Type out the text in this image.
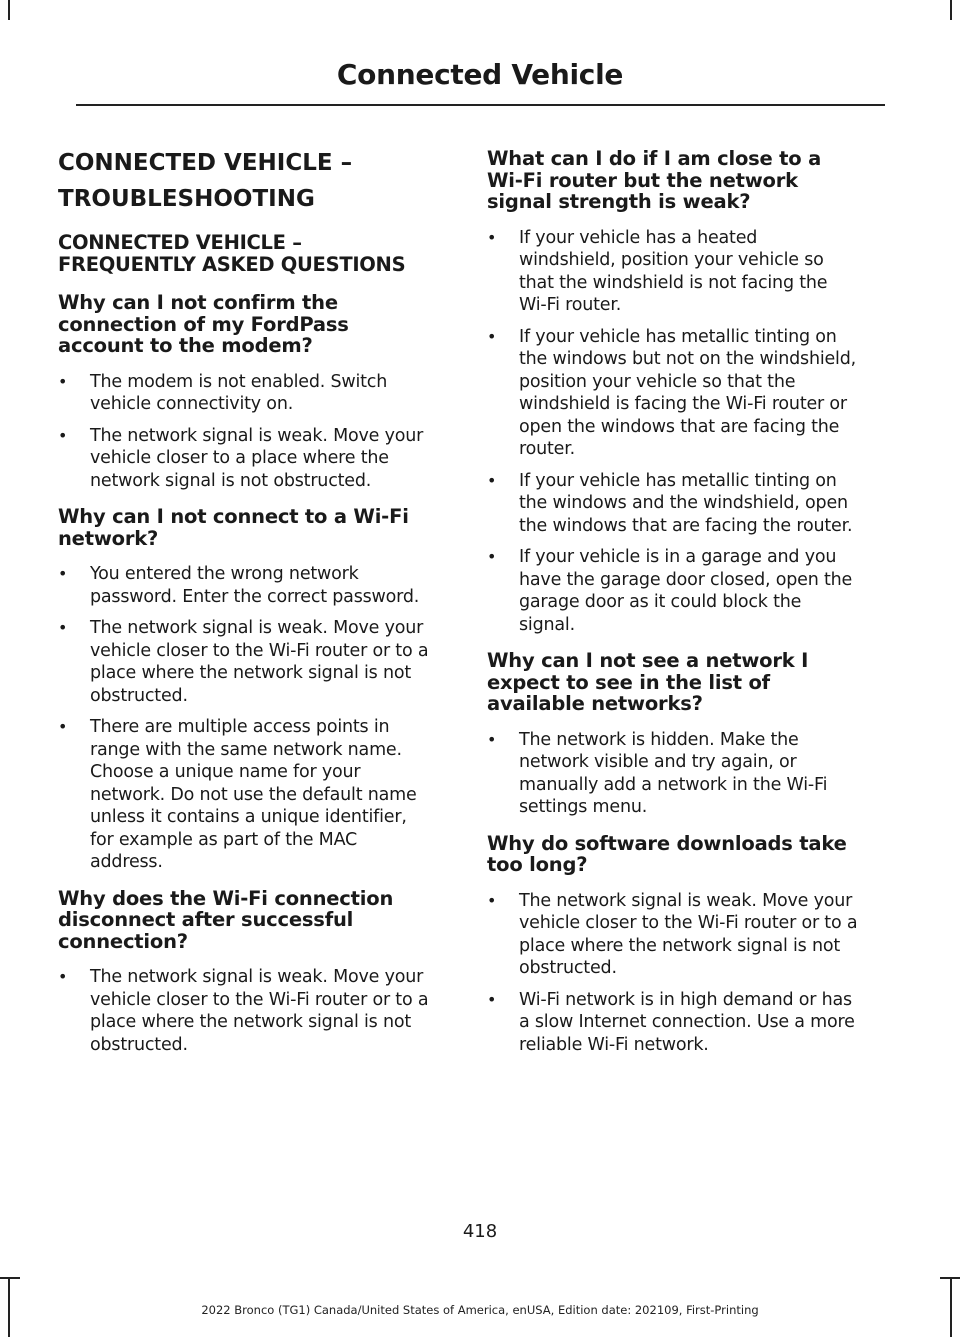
Connected Vehicle
CONNECTED VEHICLE –
TROUBLESHOOTING
CONNECTED VEHICLE – FREQUENTLY ASKED QUESTIONS
Why can I not confirm the connection of my FordPass account to the modem?
• The modem is not enabled. Switch vehicle connectivity on.
• The network signal is weak. Move your vehicle closer to a place where the network signal is not obstructed.
Why can I not connect to a Wi-Fi network?
• You entered the wrong network password. Enter the correct password.
• The network signal is weak. Move your vehicle closer to the Wi-Fi router or to a place where the network signal is not obstructed.
• There are multiple access points in range with the same network name. Choose a unique name for your network. Do not use the default name unless it contains a unique identifier, for example as part of the MAC address.
Why does the Wi-Fi connection disconnect after successful connection?
• The network signal is weak. Move your vehicle closer to the Wi-Fi router or to a place where the network signal is not obstructed.
What can I do if I am close to a Wi-Fi router but the network signal strength is weak?
• If your vehicle has a heated windshield, position your vehicle so that the windshield is not facing the Wi-Fi router.
• If your vehicle has metallic tinting on the windows but not on the windshield, position your vehicle so that the windshield is facing the Wi-Fi router or open the windows that are facing the router.
• If your vehicle has metallic tinting on the windows and the windshield, open the windows that are facing the router.
• If your vehicle is in a garage and you have the garage door closed, open the garage door as it could block the signal.
Why can I not see a network I expect to see in the list of available networks?
• The network is hidden. Make the network visible and try again, or manually add a network in the Wi-Fi settings menu.
Why do software downloads take too long?
• The network signal is weak. Move your vehicle closer to the Wi-Fi router or to a place where the network signal is not obstructed.
• Wi-Fi network is in high demand or has a slow Internet connection. Use a more reliable Wi-Fi network.
418
2022 Bronco (TG1) Canada/United States of America, enUSA, Edition date: 202109, First-Printing
